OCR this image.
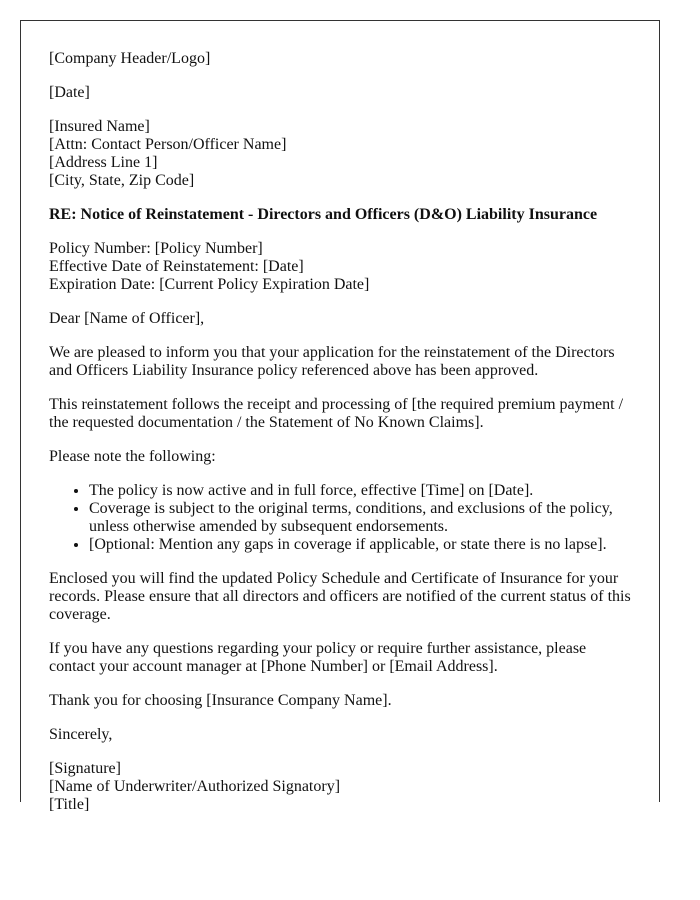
[Company Header/Logo]

[Date]

[Insured Name]
[Attn: Contact Person/Officer Name]
[Address Line 1]
[City, State, Zip Code]

RE: Notice of Reinstatement - Directors and Officers (D&O) Liability Insurance

Policy Number: [Policy Number]
Effective Date of Reinstatement: [Date]
Expiration Date: [Current Policy Expiration Date]

Dear [Name of Officer],

We are pleased to inform you that your application for the reinstatement of the Directors and Officers Liability Insurance policy referenced above has been approved.

This reinstatement follows the receipt and processing of [the required premium payment / the requested documentation / the Statement of No Known Claims].

Please note the following:

• The policy is now active and in full force, effective [Time] on [Date].
• Coverage is subject to the original terms, conditions, and exclusions of the policy, unless otherwise amended by subsequent endorsements.
• [Optional: Mention any gaps in coverage if applicable, or state there is no lapse].

Enclosed you will find the updated Policy Schedule and Certificate of Insurance for your records. Please ensure that all directors and officers are notified of the current status of this coverage.

If you have any questions regarding your policy or require further assistance, please contact your account manager at [Phone Number] or [Email Address].

Thank you for choosing [Insurance Company Name].

Sincerely,

[Signature]
[Name of Underwriter/Authorized Signatory]
[Title]
